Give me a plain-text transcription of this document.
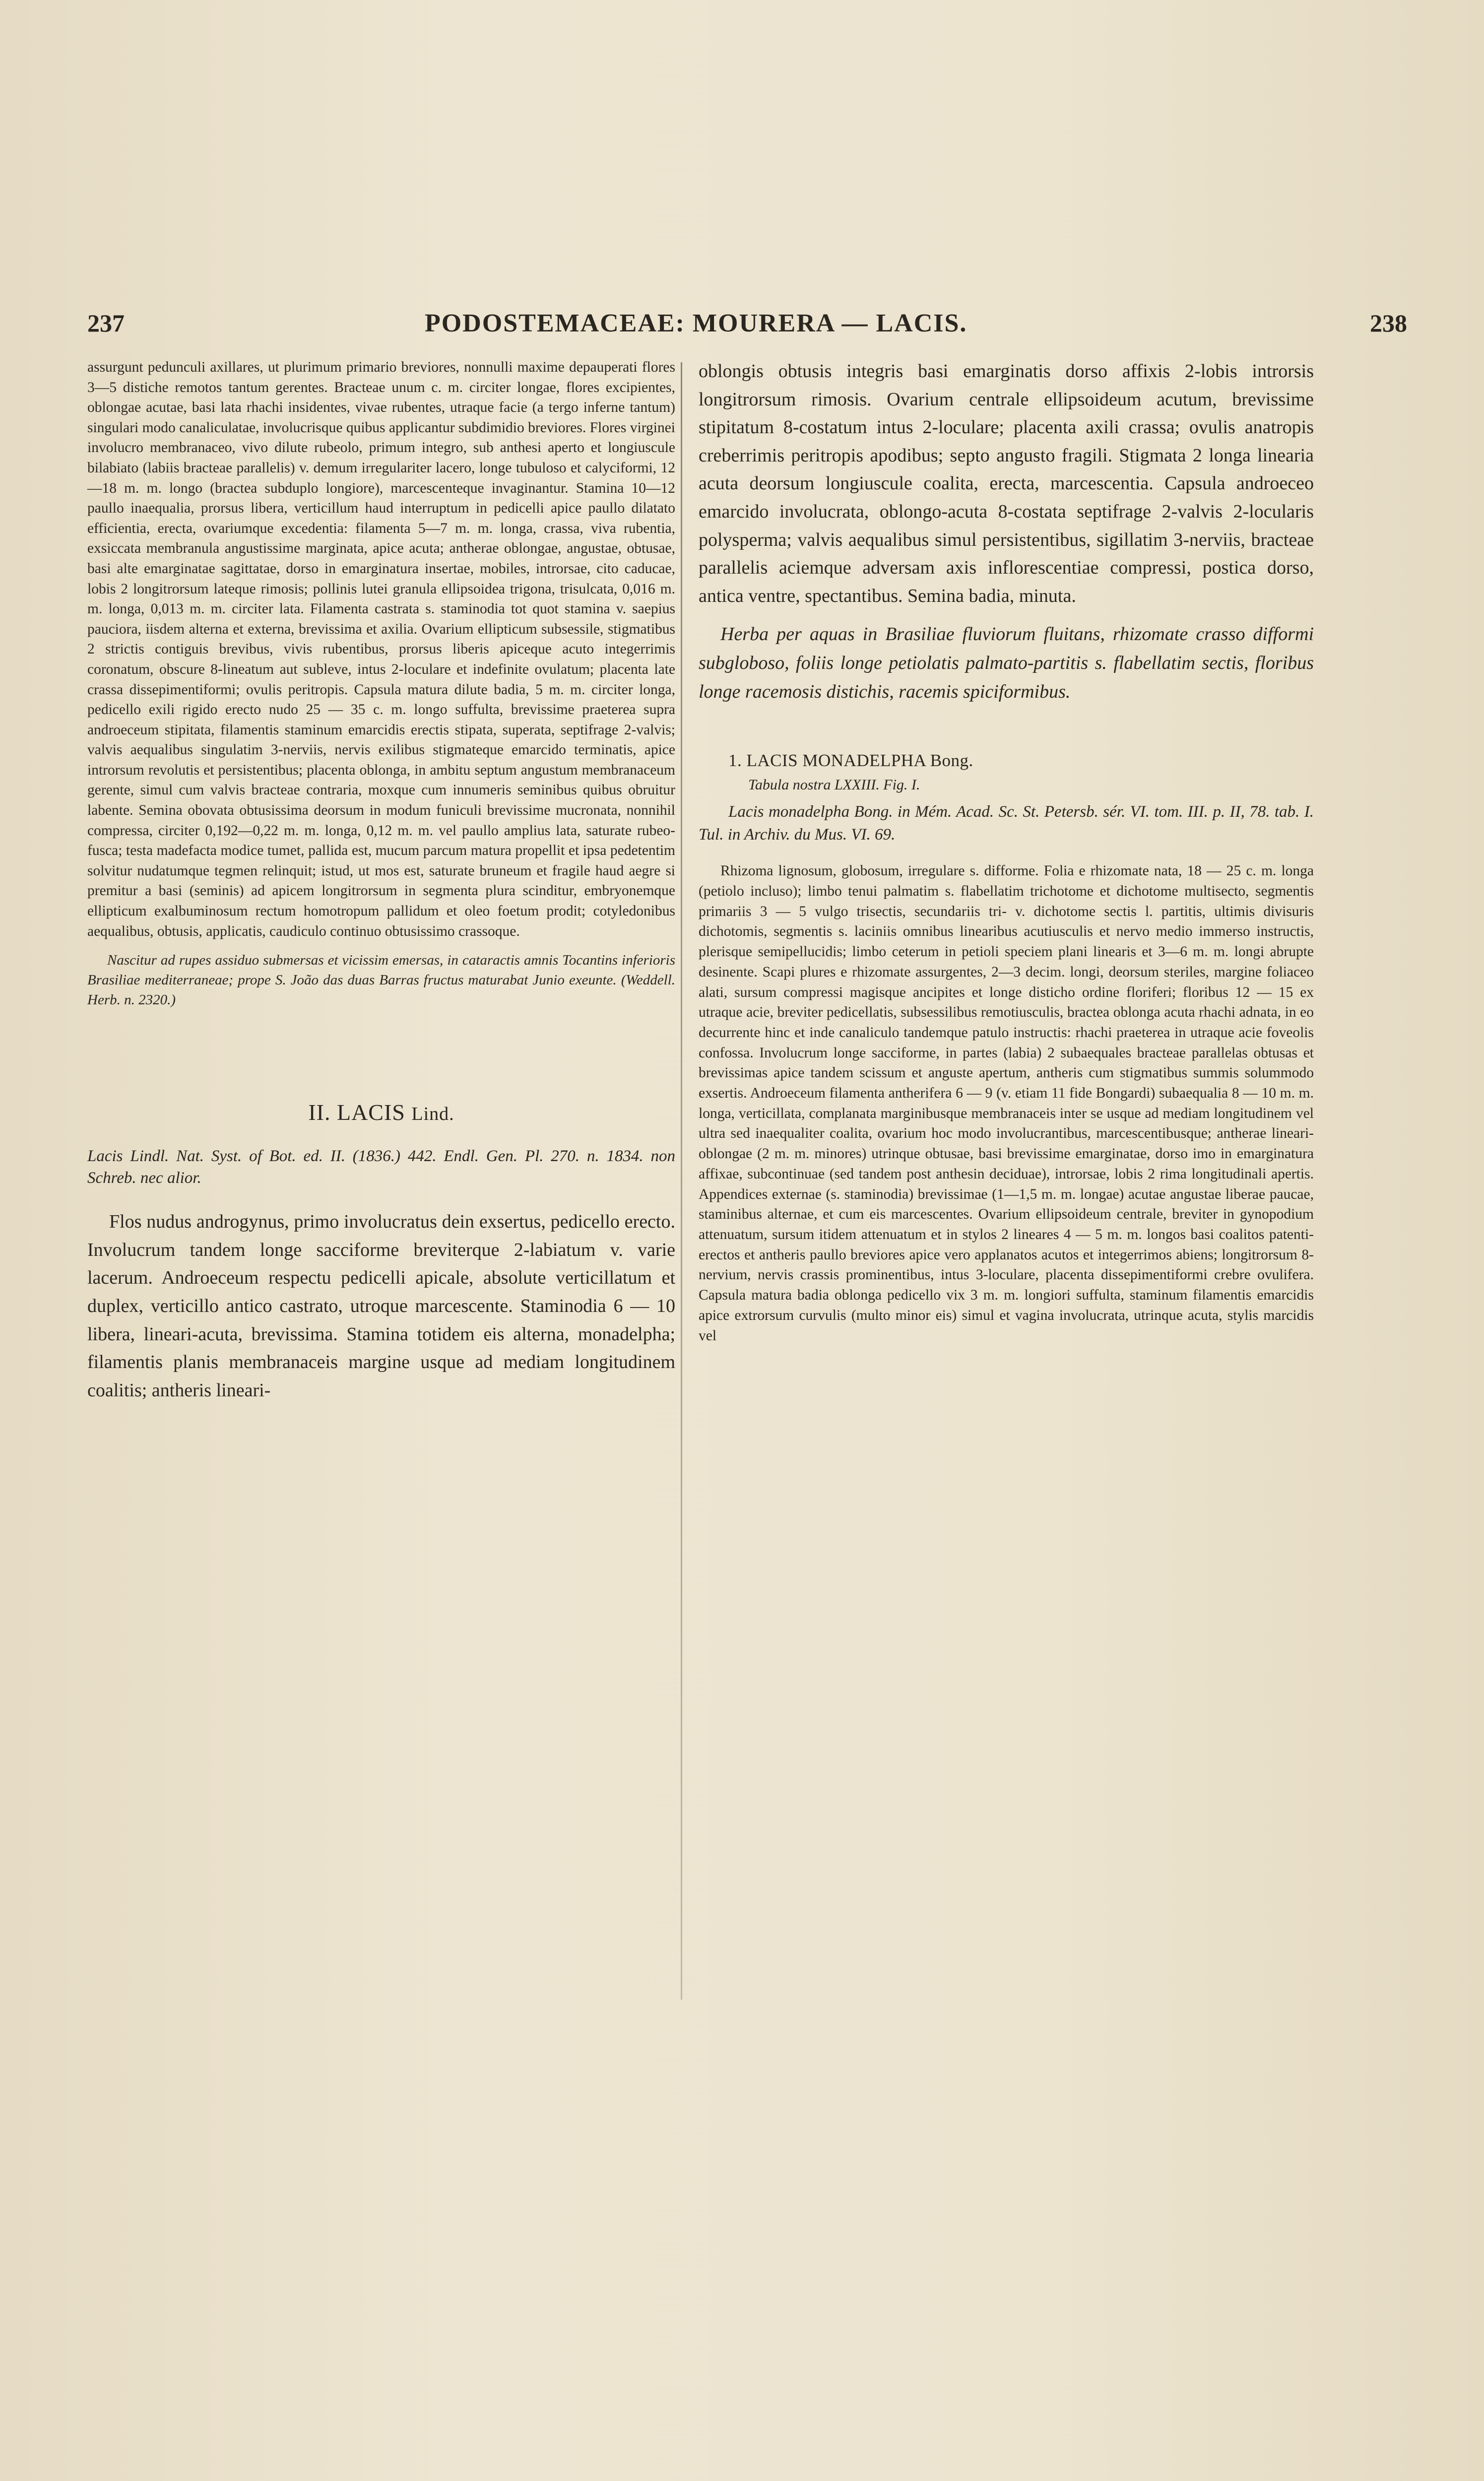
237	PODOSTEMACEAE: MOURERA — LACIS.	238

assurgunt pedunculi axillares, ut plurimum primario breviores, nonnulli maxime depauperati flores 3—5 distiche remotos tantum gerentes. Bracteae unum c. m. circiter longae, flores excipientes, oblongae acutae, basi lata rhachi insidentes, vivae rubentes, utraque facie (a tergo inferne tantum) singulari modo canaliculatae, involucrisque quibus applicantur subdimidio breviores. Flores virginei involucro membranaceo, vivo dilute rubeolo, primum integro, sub anthesi aperto et longiuscule bilabiato (labiis bracteae parallelis) v. demum irregulariter lacero, longe tubuloso et calyciformi, 12—18 m. m. longo (bractea subduplo longiore), marcescenteque invaginantur. Stamina 10—12 paullo inaequalia, prorsus libera, verticillum haud interruptum in pedicelli apice paullo dilatato efficientia, erecta, ovariumque excedentia: filamenta 5—7 m. m. longa, crassa, viva rubentia, exsiccata membranula angustissime marginata, apice acuta; antherae oblongae, angustae, obtusae, basi alte emarginatae sagittatae, dorso in emarginatura insertae, mobiles, introrsae, cito caducae, lobis 2 longitrorsum lateque rimosis; pollinis lutei granula ellipsoidea trigona, trisulcata, 0,016 m. m. longa, 0,013 m. m. circiter lata. Filamenta castrata s. staminodia tot quot stamina v. saepius pauciora, iisdem alterna et externa, brevissima et axilia. Ovarium ellipticum subsessile, stigmatibus 2 strictis contiguis brevibus, vivis rubentibus, prorsus liberis apiceque acuto integerrimis coronatum, obscure 8-lineatum aut subleve, intus 2-loculare et indefinite ovulatum; placenta late crassa dissepimentiformi; ovulis peritropis. Capsula matura dilute badia, 5 m. m. circiter longa, pedicello exili rigido erecto nudo 25 — 35 c. m. longo suffulta, brevissime praeterea supra androeceum stipitata, filamentis staminum emarcidis erectis stipata, superata, septifrage 2-valvis; valvis aequalibus singulatim 3-nerviis, nervis exilibus stigmateque emarcido terminatis, apice introrsum revolutis et persistentibus; placenta oblonga, in ambitu septum angustum membranaceum gerente, simul cum valvis bracteae contraria, moxque cum innumeris seminibus quibus obruitur labente. Semina obovata obtusissima deorsum in modum funiculi brevissime mucronata, nonnihil compressa, circiter 0,192—0,22 m. m. longa, 0,12 m. m. vel paullo amplius lata, saturate rubeo-fusca; testa madefacta modice tumet, pallida est, mucum parcum matura propellit et ipsa pedetentim solvitur nudatumque tegmen relinquit; istud, ut mos est, saturate bruneum et fragile haud aegre si premitur a basi (seminis) ad apicem longitrorsum in segmenta plura scinditur, embryonemque ellipticum exalbuminosum rectum homotropum pallidum et oleo foetum prodit; cotyledonibus aequalibus, obtusis, applicatis, caudiculo continuo obtusissimo crassoque.

Nascitur ad rupes assiduo submersas et vicissim emersas, in cataractis amnis Tocantins inferioris Brasiliae mediterraneae; prope S. João das duas Barras fructus maturabat Junio exeunte. (Weddell. Herb. n. 2320.)

II. LACIS Lind.

Lacis Lindl. Nat. Syst. of Bot. ed. II. (1836.) 442. Endl. Gen. Pl. 270. n. 1834. non Schreb. nec alior.

Flos nudus androgynus, primo involucratus dein exsertus, pedicello erecto. Involucrum tandem longe sacciforme breviterque 2-labiatum v. varie lacerum. Androeceum respectu pedicelli apicale, absolute verticillatum et duplex, verticillo antico castrato, utroque marcescente. Staminodia 6 — 10 libera, lineari-acuta, brevissima. Stamina totidem eis alterna, monadelpha; filamentis planis membranaceis margine usque ad mediam longitudinem coalitis; antheris lineari-

oblongis obtusis integris basi emarginatis dorso affixis 2-lobis introrsis longitrorsum rimosis. Ovarium centrale ellipsoideum acutum, brevissime stipitatum 8-costatum intus 2-loculare; placenta axili crassa; ovulis anatropis creberrimis peritropis apodibus; septo angusto fragili. Stigmata 2 longa linearia acuta deorsum longiuscule coalita, erecta, marcescentia. Capsula androeceo emarcido involucrata, oblongo-acuta 8-costata septifrage 2-valvis 2-locularis polysperma; valvis aequalibus simul persistentibus, sigillatim 3-nerviis, bracteae parallelis aciemque adversam axis inflorescentiae compressi, postica dorso, antica ventre, spectantibus. Semina badia, minuta.

Herba per aquas in Brasiliae fluviorum fluitans, rhizomate crasso difformi subgloboso, foliis longe petiolatis palmato-partitis s. flabellatim sectis, floribus longe racemosis distichis, racemis spiciformibus.

1. LACIS MONADELPHA Bong.

Tabula nostra LXXIII. Fig. I.

Lacis monadelpha Bong. in Mém. Acad. Sc. St. Petersb. sér. VI. tom. III. p. II, 78. tab. I. Tul. in Archiv. du Mus. VI. 69.

Rhizoma lignosum, globosum, irregulare s. difforme. Folia e rhizomate nata, 18 — 25 c. m. longa (petiolo incluso); limbo tenui palmatim s. flabellatim trichotome et dichotome multisecto, segmentis primariis 3 — 5 vulgo trisectis, secundariis tri- v. dichotome sectis l. partitis, ultimis divisuris dichotomis, segmentis s. laciniis omnibus linearibus acutiusculis et nervo medio immerso instructis, plerisque semipellucidis; limbo ceterum in petioli speciem plani linearis et 3—6 m. m. longi abrupte desinente. Scapi plures e rhizomate assurgentes, 2—3 decim. longi, deorsum steriles, margine foliaceo alati, sursum compressi magisque ancipites et longe disticho ordine floriferi; floribus 12 — 15 ex utraque acie, breviter pedicellatis, subsessilibus remotiusculis, bractea oblonga acuta rhachi adnata, in eo decurrente hinc et inde canaliculo tandemque patulo instructis: rhachi praeterea in utraque acie foveolis confossa. Involucrum longe sacciforme, in partes (labia) 2 subaequales bracteae parallelas obtusas et brevissimas apice tandem scissum et anguste apertum, antheris cum stigmatibus summis solummodo exsertis. Androeceum filamenta antherifera 6 — 9 (v. etiam 11 fide Bongardi) subaequalia 8 — 10 m. m. longa, verticillata, complanata marginibusque membranaceis inter se usque ad mediam longitudinem vel ultra sed inaequaliter coalita, ovarium hoc modo involucrantibus, marcescentibusque; antherae lineari-oblongae (2 m. m. minores) utrinque obtusae, basi brevissime emarginatae, dorso imo in emarginatura affixae, subcontinuae (sed tandem post anthesin deciduae), introrsae, lobis 2 rima longitudinali apertis. Appendices externae (s. staminodia) brevissimae (1—1,5 m. m. longae) acutae angustae liberae paucae, staminibus alternae, et cum eis marcescentes. Ovarium ellipsoideum centrale, breviter in gynopodium attenuatum, sursum itidem attenuatum et in stylos 2 lineares 4 — 5 m. m. longos basi coalitos patenti-erectos et antheris paullo breviores apice vero applanatos acutos et integerrimos abiens; longitrorsum 8-nervium, nervis crassis prominentibus, intus 3-loculare, placenta dissepimentiformi crebre ovulifera. Capsula matura badia oblonga pedicello vix 3 m. m. longiori suffulta, staminum filamentis emarcidis apice extrorsum curvulis (multo minor eis) simul et vagina involucrata, utrinque acuta, stylis marcidis vel
